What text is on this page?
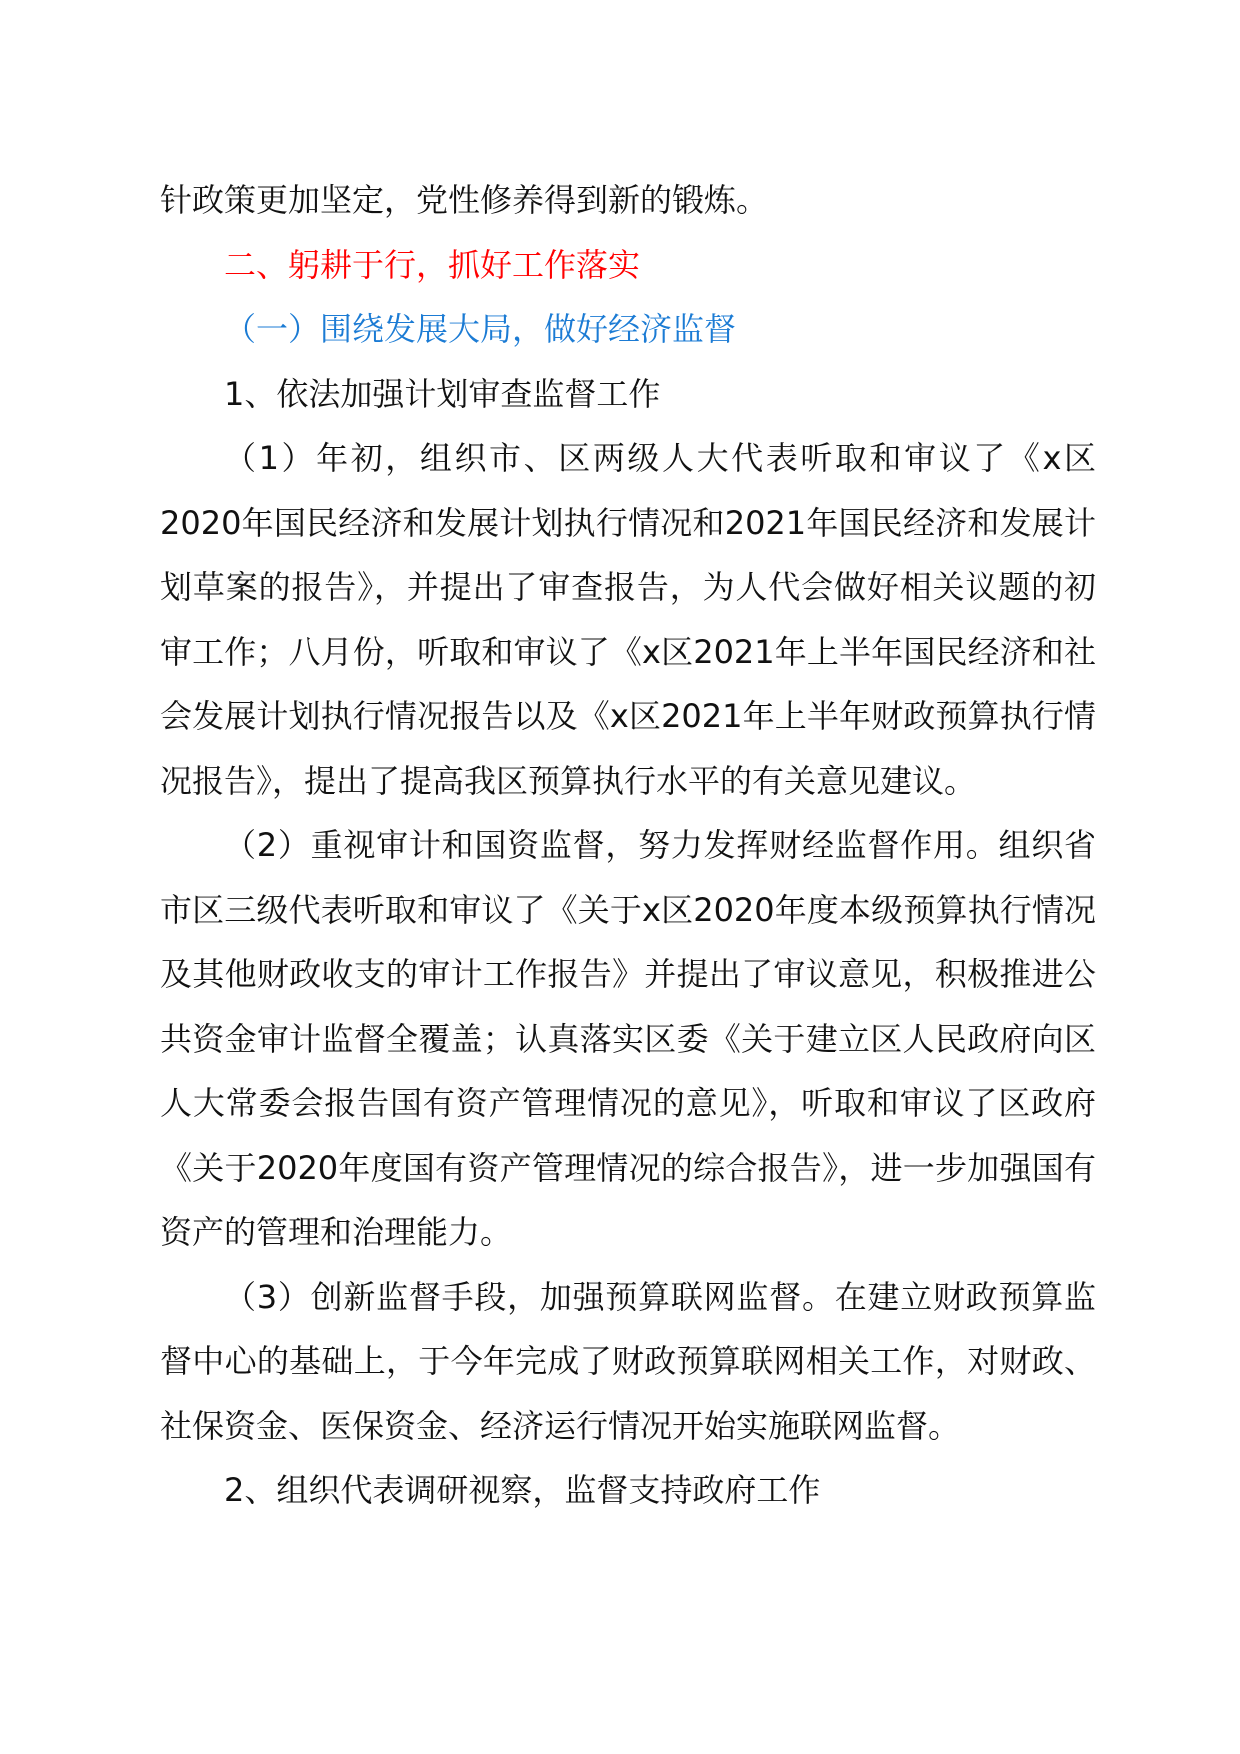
针政策更加坚定，党性修养得到新的锻炼。

二、躬耕于行，抓好工作落实

（一）围绕发展大局，做好经济监督

1、依法加强计划审查监督工作

（1）年初，组织市、区两级人大代表听取和审议了《x区2020年国民经济和发展计划执行情况和2021年国民经济和发展计划草案的报告》，并提出了审查报告，为人代会做好相关议题的初审工作；八月份，听取和审议了《x区2021年上半年国民经济和社会发展计划执行情况报告以及《x区2021年上半年财政预算执行情况报告》，提出了提高我区预算执行水平的有关意见建议。

（2）重视审计和国资监督，努力发挥财经监督作用。组织省市区三级代表听取和审议了《关于x区2020年度本级预算执行情况及其他财政收支的审计工作报告》并提出了审议意见，积极推进公共资金审计监督全覆盖；认真落实区委《关于建立区人民政府向区人大常委会报告国有资产管理情况的意见》，听取和审议了区政府《关于2020年度国有资产管理情况的综合报告》，进一步加强国有资产的管理和治理能力。

（3）创新监督手段，加强预算联网监督。在建立财政预算监督中心的基础上，于今年完成了财政预算联网相关工作，对财政、社保资金、医保资金、经济运行情况开始实施联网监督。

2、组织代表调研视察，监督支持政府工作
